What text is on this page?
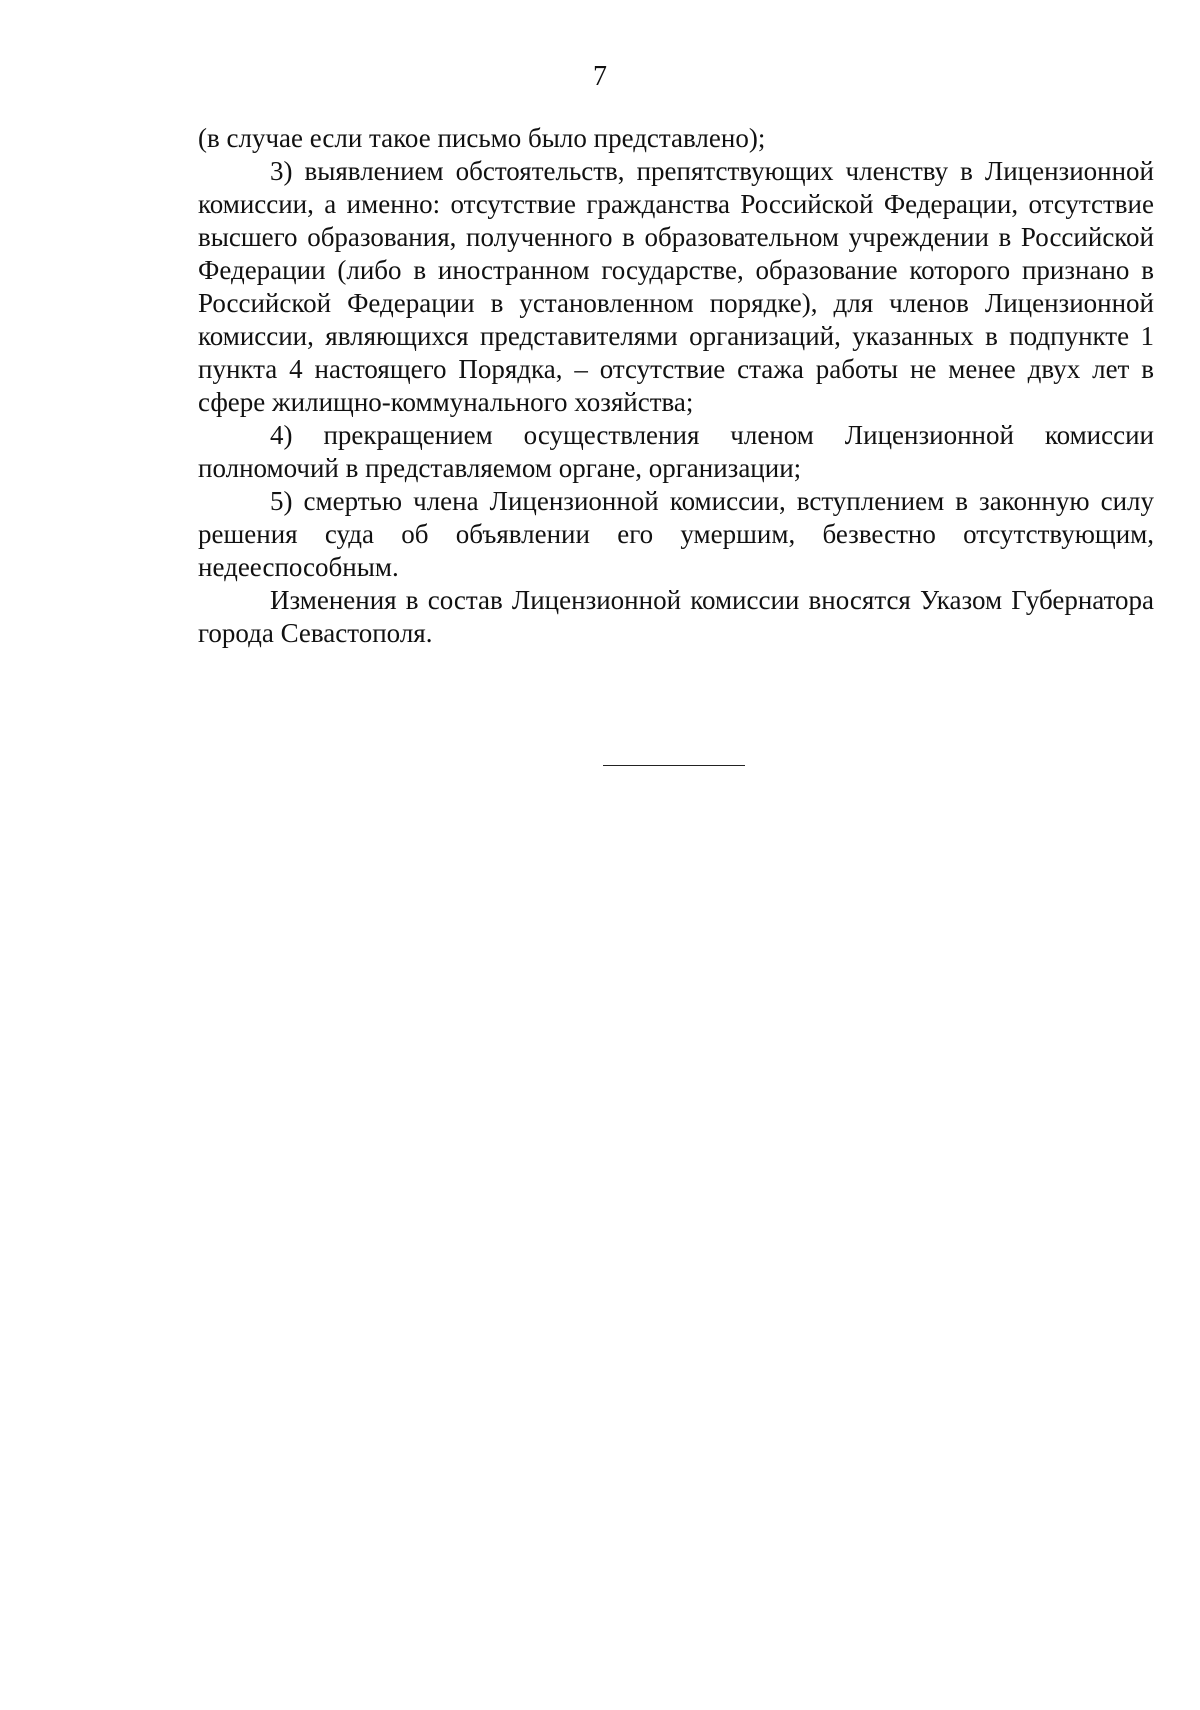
7

(в случае если такое письмо было представлено);

3) выявлением обстоятельств, препятствующих членству в Лицензионной комиссии, а именно: отсутствие гражданства Российской Федерации, отсутствие высшего образования, полученного в образовательном учреждении в Российской Федерации (либо в иностранном государстве, образование которого признано в Российской Федерации в установленном порядке), для членов Лицензионной комиссии, являющихся представителями организаций, указанных в подпункте 1 пункта 4 настоящего Порядка, – отсутствие стажа работы не менее двух лет в сфере жилищно-коммунального хозяйства;

4) прекращением осуществления членом Лицензионной комиссии полномочий в представляемом органе, организации;

5) смертью члена Лицензионной комиссии, вступлением в законную силу решения суда об объявлении его умершим, безвестно отсутствующим, недееспособным.

Изменения в состав Лицензионной комиссии вносятся Указом Губернатора города Севастополя.
